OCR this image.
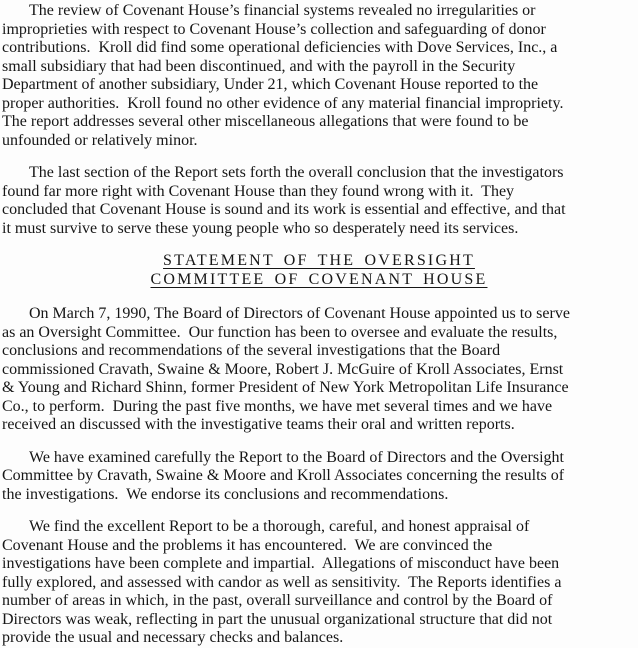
The review of Covenant House’s financial systems revealed no irregularities or
improprieties with respect to Covenant House’s collection and safeguarding of donor
contributions.  Kroll did find some operational deficiencies with Dove Services, Inc., a
small subsidiary that had been discontinued, and with the payroll in the Security
Department of another subsidiary, Under 21, which Covenant House reported to the
proper authorities.  Kroll found no other evidence of any material financial impropriety.
The report addresses several other miscellaneous allegations that were found to be
unfounded or relatively minor.
The last section of the Report sets forth the overall conclusion that the investigators
found far more right with Covenant House than they found wrong with it.  They
concluded that Covenant House is sound and its work is essential and effective, and that
it must survive to serve these young people who so desperately need its services.
STATEMENT OF THE OVERSIGHT
COMMITTEE OF COVENANT HOUSE
On March 7, 1990, The Board of Directors of Covenant House appointed us to serve
as an Oversight Committee.  Our function has been to oversee and evaluate the results,
conclusions and recommendations of the several investigations that the Board
commissioned Cravath, Swaine & Moore, Robert J. McGuire of Kroll Associates, Ernst
& Young and Richard Shinn, former President of New York Metropolitan Life Insurance
Co., to perform.  During the past five months, we have met several times and we have
received an discussed with the investigative teams their oral and written reports.
We have examined carefully the Report to the Board of Directors and the Oversight
Committee by Cravath, Swaine & Moore and Kroll Associates concerning the results of
the investigations.  We endorse its conclusions and recommendations.
We find the excellent Report to be a thorough, careful, and honest appraisal of
Covenant House and the problems it has encountered.  We are convinced the
investigations have been complete and impartial.  Allegations of misconduct have been
fully explored, and assessed with candor as well as sensitivity.  The Reports identifies a
number of areas in which, in the past, overall surveillance and control by the Board of
Directors was weak, reflecting in part the unusual organizational structure that did not
provide the usual and necessary checks and balances.
